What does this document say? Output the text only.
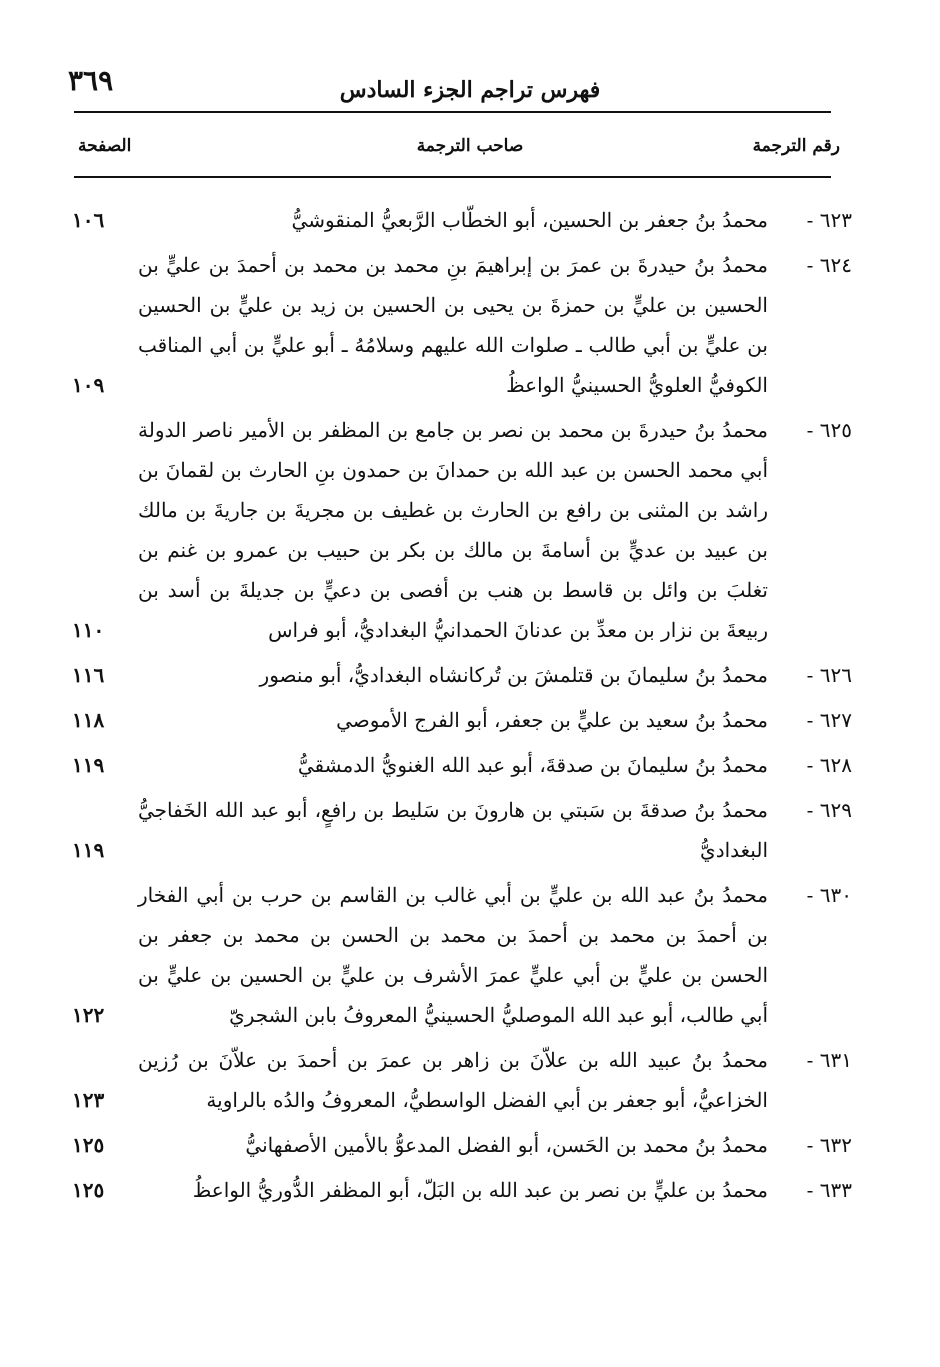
٣٦٩	فهرس تراجم الجزء السادس
رقم الترجمة
صاحب الترجمة
الصفحة
٦٢٣ -
محمدُ بنُ جعفر بن الحسين، أبو الخطّاب الرَّبعيُّ المنقوشيُّ
١٠٦
٦٢٤ -
محمدُ بنُ حيدرةَ بن عمرَ بن إبراهيمَ بنِ محمد بن محمد بن أحمدَ بن عليٍّ بن الحسين بن عليٍّ بن حمزةَ بن يحيى بن الحسين بن زيد بن عليٍّ بن الحسين بن عليٍّ بن أبي طالب ـ صلوات الله عليهم وسلامُهُ ـ أبو عليٍّ بن أبي المناقب الكوفيُّ العلويُّ الحسينيُّ الواعظُ
١٠٩
٦٢٥ -
محمدُ بنُ حيدرةَ بن محمد بن نصر بن جامع بن المظفر بن الأمير ناصر الدولة أبي محمد الحسن بن عبد الله بن حمدانَ بن حمدون بنِ الحارث بن لقمانَ بن راشد بن المثنى بن رافع بن الحارث بن غطيف بن مجريةَ بن جاريةَ بن مالك بن عبيد بن عديٍّ بن أسامةَ بن مالك بن بكر بن حبيب بن عمرو بن غنم بن تغلبَ بن وائل بن قاسط بن هنب بن أفصى بن دعيٍّ بن جديلةَ بن أسد بن ربيعةَ بن نزار بن معدِّ بن عدنانَ الحمدانيُّ البغداديُّ، أبو فراس
١١٠
٦٢٦ -
محمدُ بنُ سليمانَ بن قتلمشَ بن تُركانشاه البغداديُّ، أبو منصور
١١٦
٦٢٧ -
محمدُ بنُ سعيد بن عليٍّ بن جعفر، أبو الفرج الأموصي
١١٨
٦٢٨ -
محمدُ بنُ سليمانَ بن صدقةَ، أبو عبد الله الغنويُّ الدمشقيُّ
١١٩
٦٢٩ -
محمدُ بنُ صدقةَ بن سَبتي بن هارونَ بن سَليط بن رافعٍ، أبو عبد الله الخَفاجيُّ البغداديُّ
١١٩
٦٣٠ -
محمدُ بنُ عبد الله بن عليٍّ بن أبي غالب بن القاسم بن حرب بن أبي الفخار بن أحمدَ بن محمد بن أحمدَ بن محمد بن الحسن بن محمد بن جعفر بن الحسن بن عليٍّ بن أبي عليٍّ عمرَ الأشرف بن عليٍّ بن الحسين بن عليٍّ بن أبي طالب، أبو عبد الله الموصليُّ الحسينيُّ المعروفُ بابن الشجريّ
١٢٢
٦٣١ -
محمدُ بنُ عبيد الله بن علاّنَ بن زاهر بن عمرَ بن أحمدَ بن علاّنَ بن رُزين الخزاعيُّ، أبو جعفر بن أبي الفضل الواسطيُّ، المعروفُ والدُه بالراوية
١٢٣
٦٣٢ -
محمدُ بنُ محمد بن الحَسن، أبو الفضل المدعوُّ بالأمين الأصفهانيُّ
١٢٥
٦٣٣ -
محمدُ بن عليٍّ بن نصر بن عبد الله بن البَلّ، أبو المظفر الدُّوريُّ الواعظُ
١٢٥
